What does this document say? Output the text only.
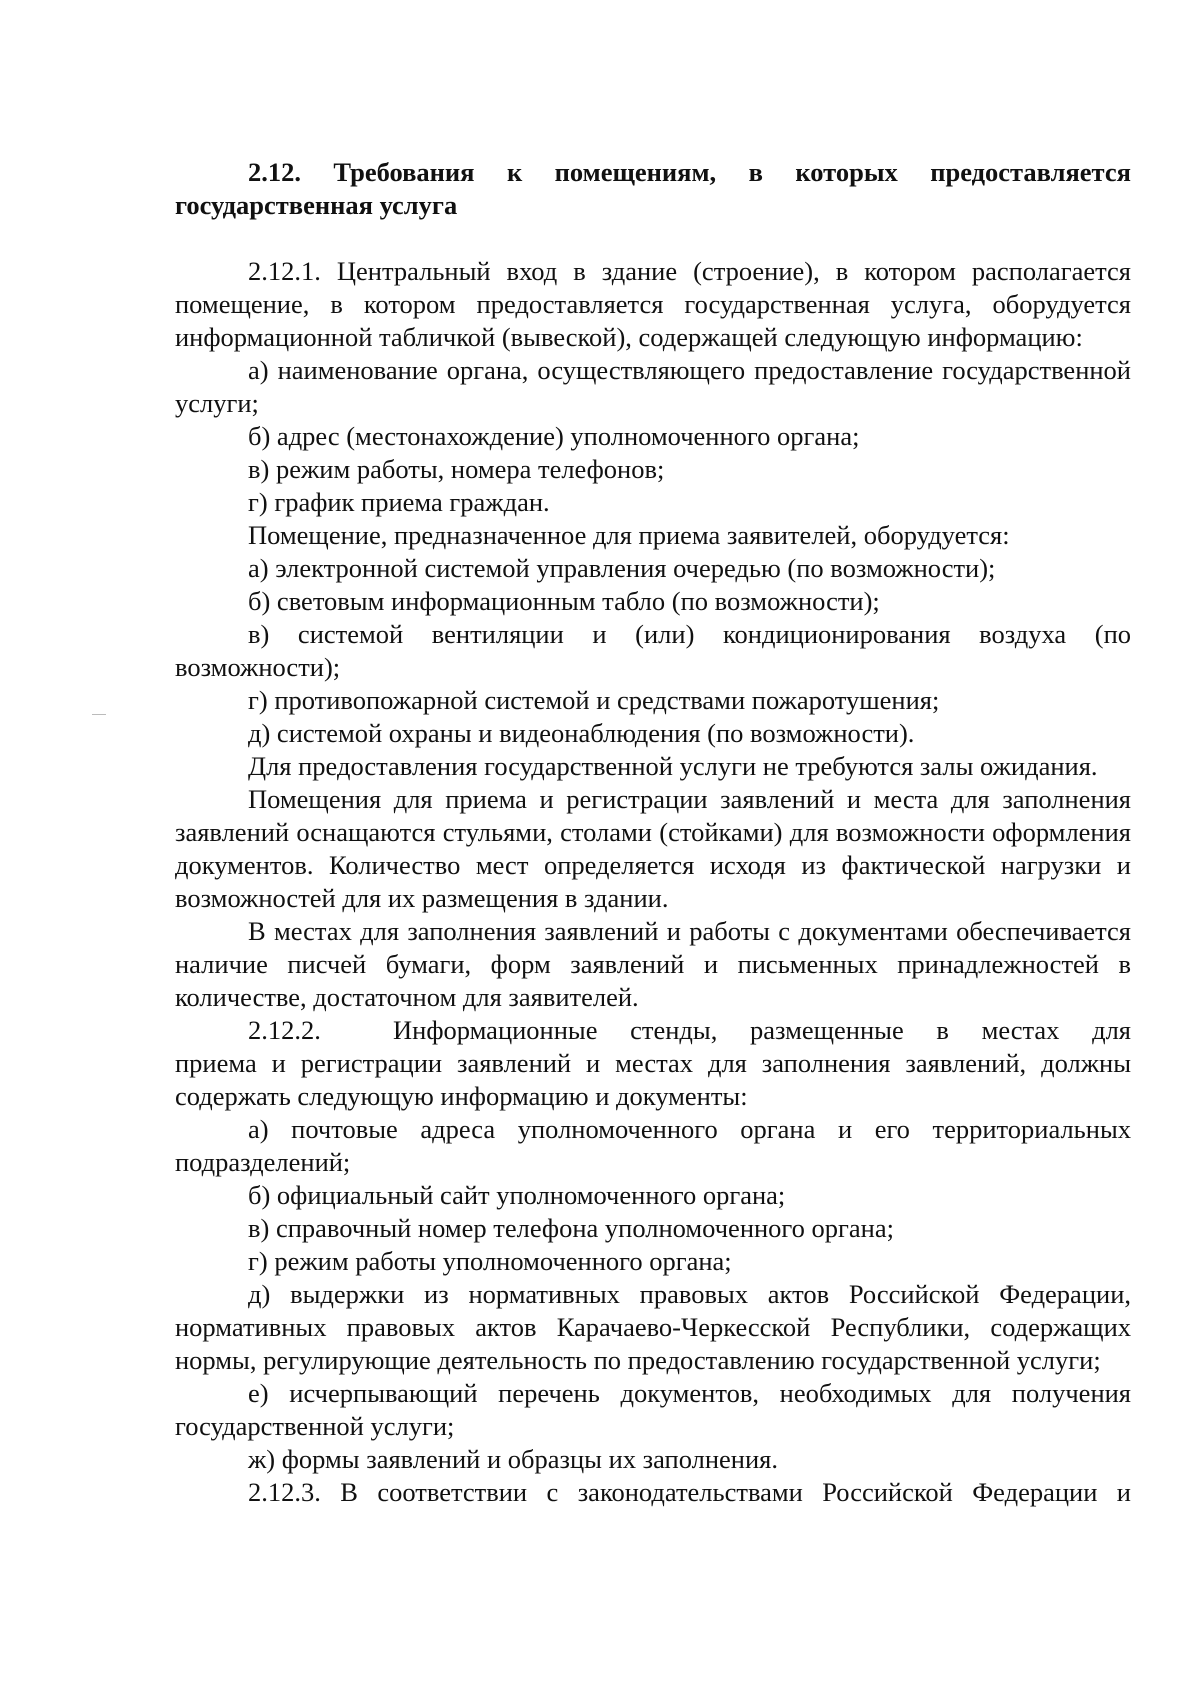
2.12. Требования к помещениям, в которых предоставляется государственная услуга

2.12.1. Центральный вход в здание (строение), в котором располагается помещение, в котором предоставляется государственная услуга, оборудуется информационной табличкой (вывеской), содержащей следующую информацию:

а) наименование органа, осуществляющего предоставление государственной услуги;

б) адрес (местонахождение) уполномоченного органа;

в) режим работы, номера телефонов;

г) график приема граждан.

Помещение, предназначенное для приема заявителей, оборудуется:

а) электронной системой управления очередью (по возможности);

б) световым информационным табло (по возможности);

в) системой вентиляции и (или) кондиционирования воздуха (по возможности);

г) противопожарной системой и средствами пожаротушения;

д) системой охраны и видеонаблюдения (по возможности).

Для предоставления государственной услуги не требуются залы ожидания.

Помещения для приема и регистрации заявлений и места для заполнения заявлений оснащаются стульями, столами (стойками) для возможности оформления документов. Количество мест определяется исходя из фактической нагрузки и возможностей для их размещения в здании.

В местах для заполнения заявлений и работы с документами обеспечивается наличие писчей бумаги, форм заявлений и письменных принадлежностей в количестве, достаточном для заявителей.

2.12.2.	Информационные стенды, размещенные в местах для

приема и регистрации заявлений и местах для заполнения заявлений, должны содержать следующую информацию и документы:

а) почтовые адреса уполномоченного органа и его территориальных подразделений;

б) официальный сайт уполномоченного органа;

в) справочный номер телефона уполномоченного органа;

г) режим работы уполномоченного органа;

д) выдержки из нормативных правовых актов Российской Федерации, нормативных правовых актов Карачаево-Черкесской Республики, содержащих нормы, регулирующие деятельность по предоставлению государственной услуги;

е) исчерпывающий перечень документов, необходимых для получения государственной услуги;

ж) формы заявлений и образцы их заполнения.

2.12.3. В соответствии с законодательствами Российской Федерации и
